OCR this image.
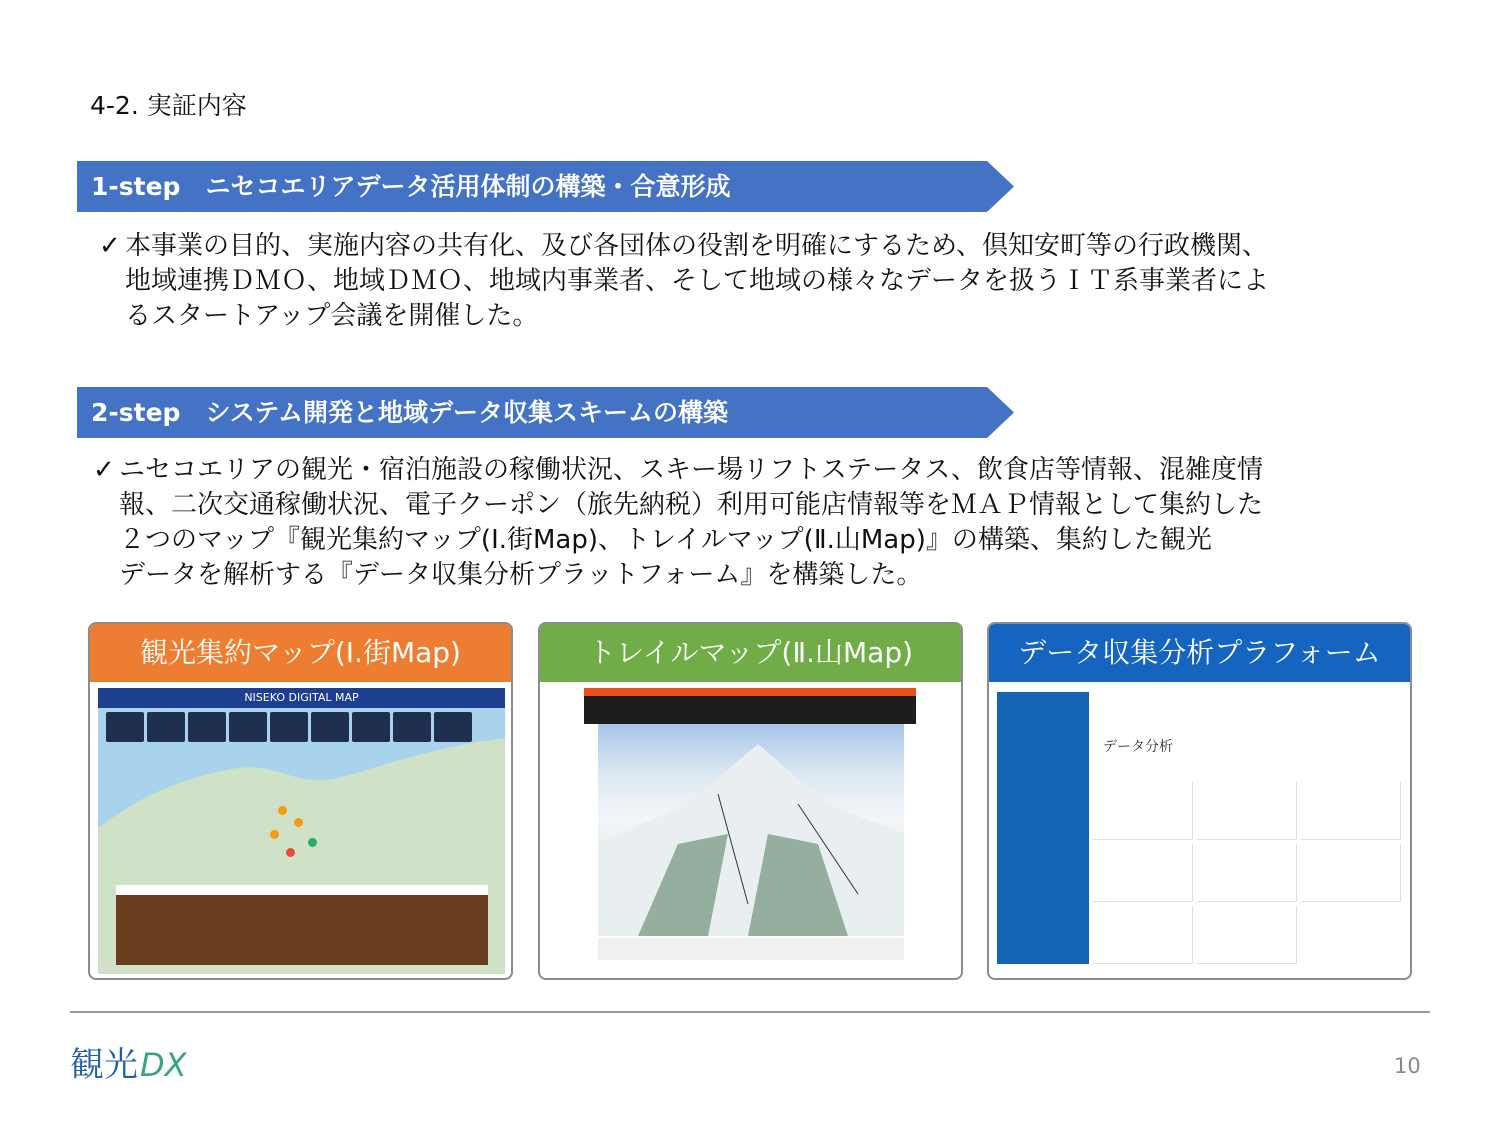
4-2. 実証内容
1-step　ニセコエリアデータ活用体制の構築・合意形成
✓ 本事業の目的、実施内容の共有化、及び各団体の役割を明確にするため、倶知安町等の行政機関、
地域連携ＤＭＯ、地域ＤＭＯ、地域内事業者、そして地域の様々なデータを扱うＩＴ系事業者によ
るスタートアップ会議を開催した。
2-step　システム開発と地域データ収集スキームの構築
✓ ニセコエリアの観光・宿泊施設の稼働状況、スキー場リフトステータス、飲食店等情報、混雑度情
報、二次交通稼働状況、電子クーポン（旅先納税）利用可能店情報等をＭＡＰ情報として集約した
２つのマップ『観光集約マップ(Ⅰ.街Map)、トレイルマップ(Ⅱ.山Map)』の構築、集約した観光
データを解析する『データ収集分析プラットフォーム』を構築した。
観光集約マップ(Ⅰ.街Map)
NISEKO DIGITAL MAP
トレイルマップ(Ⅱ.山Map)	データ収集分析プラフォーム
データ分析
観光 DX	10
